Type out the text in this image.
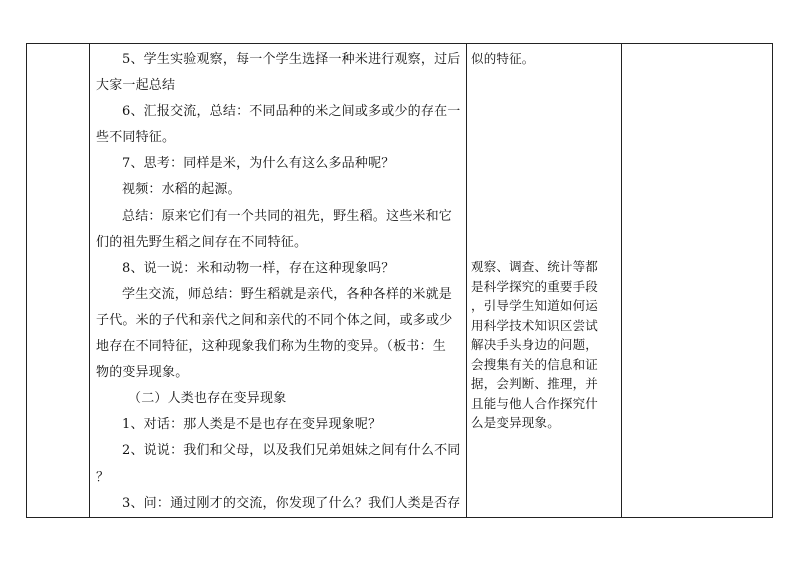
5、学生实验观察，每一个学生选择一种米进行观察，过后
大家一起总结
6、汇报交流，总结：不同品种的米之间或多或少的存在一
些不同特征。
7、思考：同样是米，为什么有这么多品种呢？
视频：水稻的起源。
总结：原来它们有一个共同的祖先，野生稻。这些米和它
们的祖先野生稻之间存在不同特征。
8、说一说：米和动物一样，存在这种现象吗？
学生交流，师总结：野生稻就是亲代，各种各样的米就是
子代。米的子代和亲代之间和亲代的不同个体之间，或多或少
地存在不同特征，这种现象我们称为生物的变异。（板书：生
物的变异现象。
（二）人类也存在变异现象
1、对话：那人类是不是也存在变异现象呢？
2、说说：我们和父母，以及我们兄弟姐妹之间有什么不同
？
3、问：通过刚才的交流，你发现了什么？我们人类是否存

似的特征。
观察、调查、统计等都
是科学探究的重要手段
，引导学生知道如何运
用科学技术知识区尝试
解决手头身边的问题，
会搜集有关的信息和证
据，会判断、推理，并
且能与他人合作探究什
么是变异现象。
